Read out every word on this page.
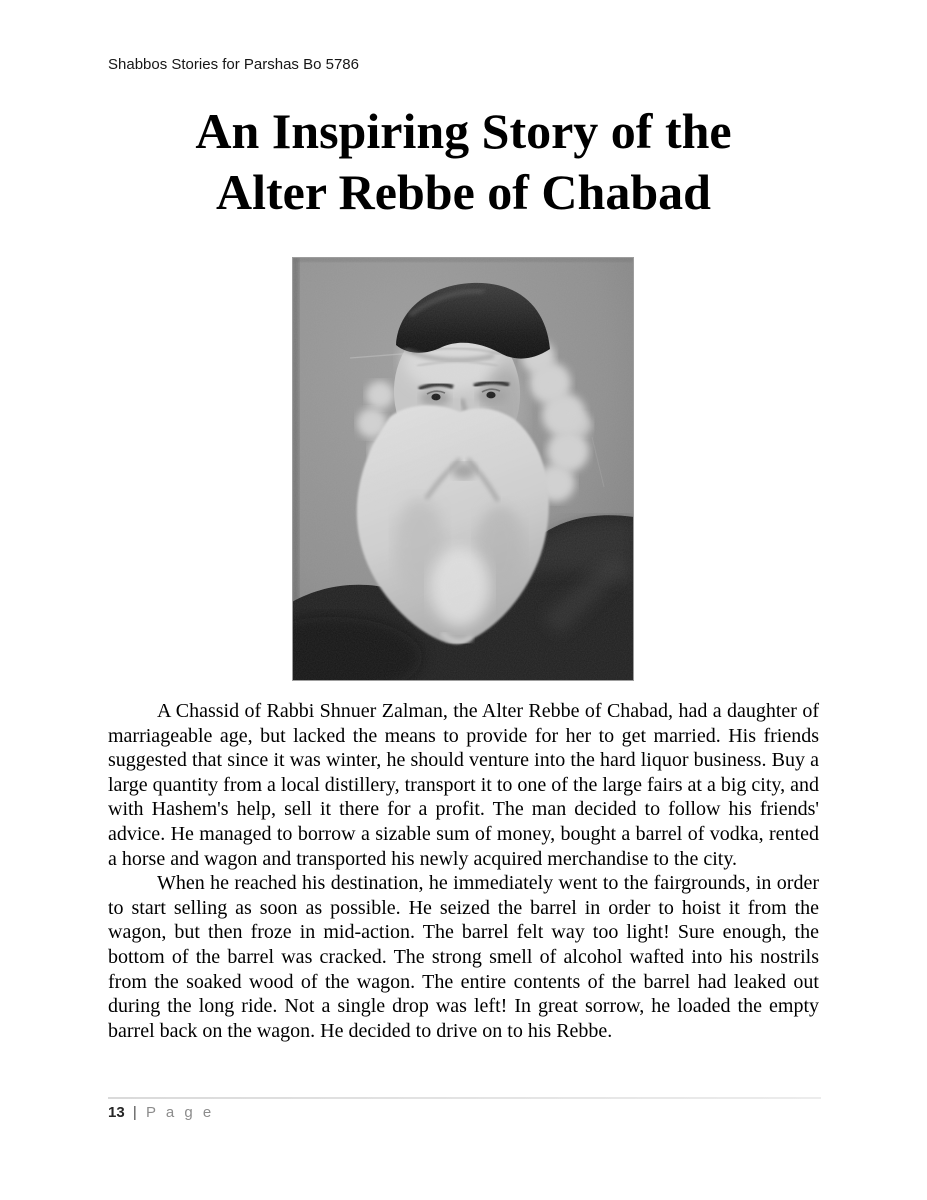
Shabbos Stories for Parshas Bo 5786
An Inspiring Story of the
Alter Rebbe of Chabad

A Chassid of Rabbi Shnuer Zalman, the Alter Rebbe of Chabad, had a daughter of marriageable age, but lacked the means to provide for her to get married. His friends suggested that since it was winter, he should venture into the hard liquor business. Buy a large quantity from a local distillery, transport it to one of the large fairs at a big city, and with Hashem's help, sell it there for a profit. The man decided to follow his friends' advice. He managed to borrow a sizable sum of money, bought a barrel of vodka, rented a horse and wagon and transported his newly acquired merchandise to the city.

When he reached his destination, he immediately went to the fairgrounds, in order to start selling as soon as possible. He seized the barrel in order to hoist it from the wagon, but then froze in mid-action. The barrel felt way too light! Sure enough, the bottom of the barrel was cracked. The strong smell of alcohol wafted into his nostrils from the soaked wood of the wagon. The entire contents of the barrel had leaked out during the long ride. Not a single drop was left! In great sorrow, he loaded the empty barrel back on the wagon. He decided to drive on to his Rebbe.

13 | P a g e
